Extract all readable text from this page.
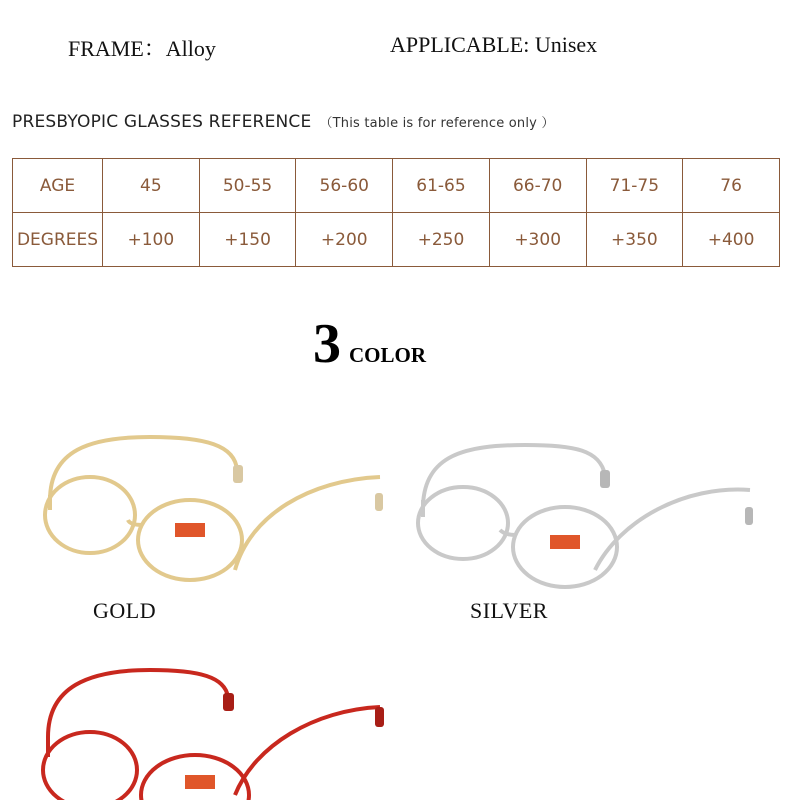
FRAME：Alloy	APPLICABLE: Unisex
PRESBYOPIC GLASSES REFERENCE （This table is for reference only ）
AGE	45	50-55	56-60	61-65	66-70	71-75	76
DEGREES	+100	+150	+200	+250	+300	+350	+400
3 COLOR
GOLD	SILVER
